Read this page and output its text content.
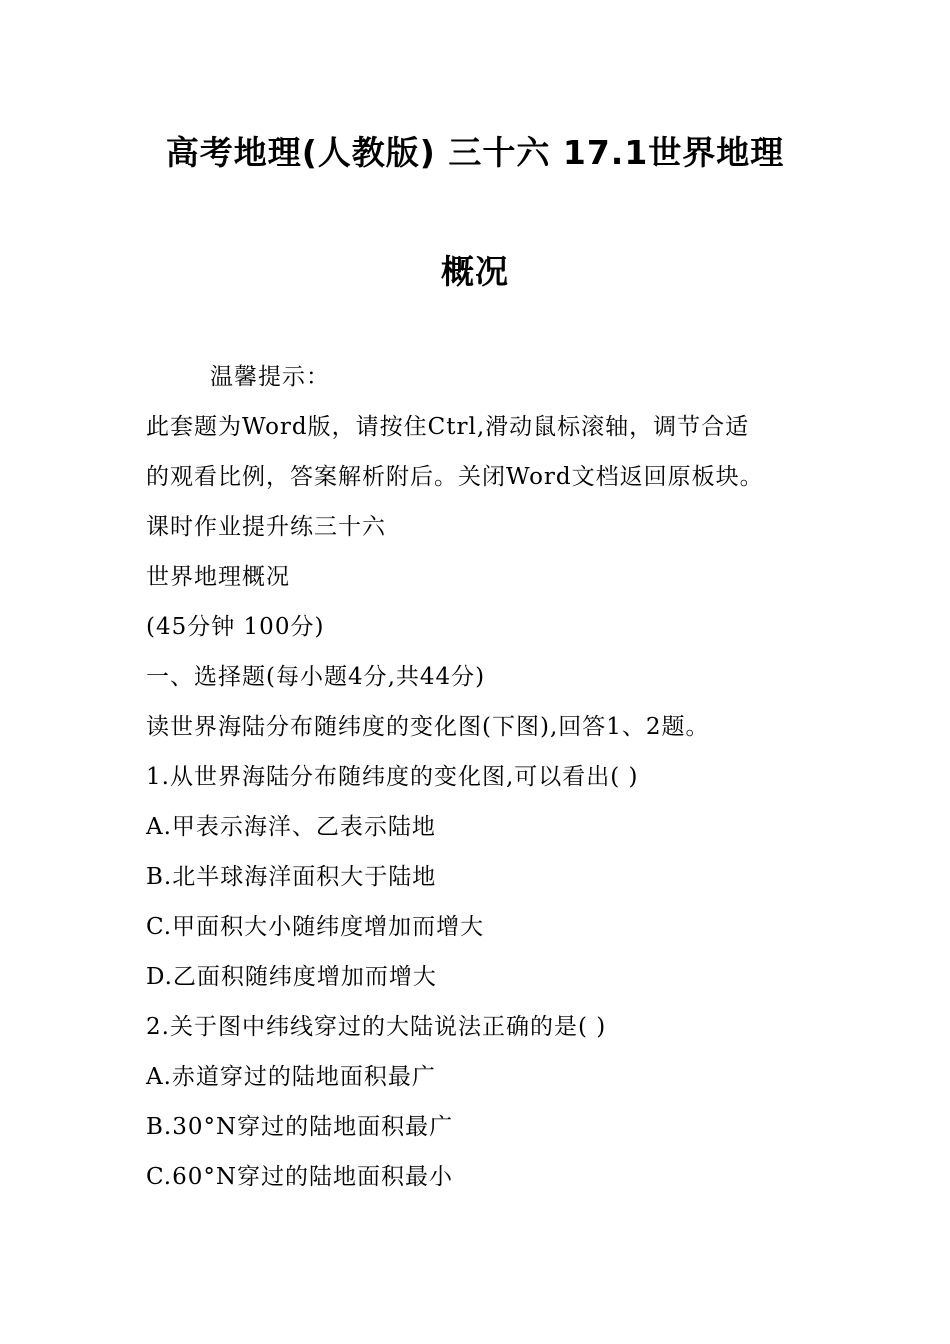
高考地理(人教版) 三十六 17.1世界地理
概况
温馨提示：
此套题为Word版，请按住Ctrl,滑动鼠标滚轴，调节合适
的观看比例，答案解析附后。关闭Word文档返回原板块。
课时作业提升练三十六
世界地理概况
(45分钟 100分)
一、选择题(每小题4分,共44分)
读世界海陆分布随纬度的变化图(下图),回答1、2题。
1.从世界海陆分布随纬度的变化图,可以看出( )
A.甲表示海洋、乙表示陆地
B.北半球海洋面积大于陆地
C.甲面积大小随纬度增加而增大
D.乙面积随纬度增加而增大
2.关于图中纬线穿过的大陆说法正确的是( )
A.赤道穿过的陆地面积最广
B.30°N穿过的陆地面积最广
C.60°N穿过的陆地面积最小
